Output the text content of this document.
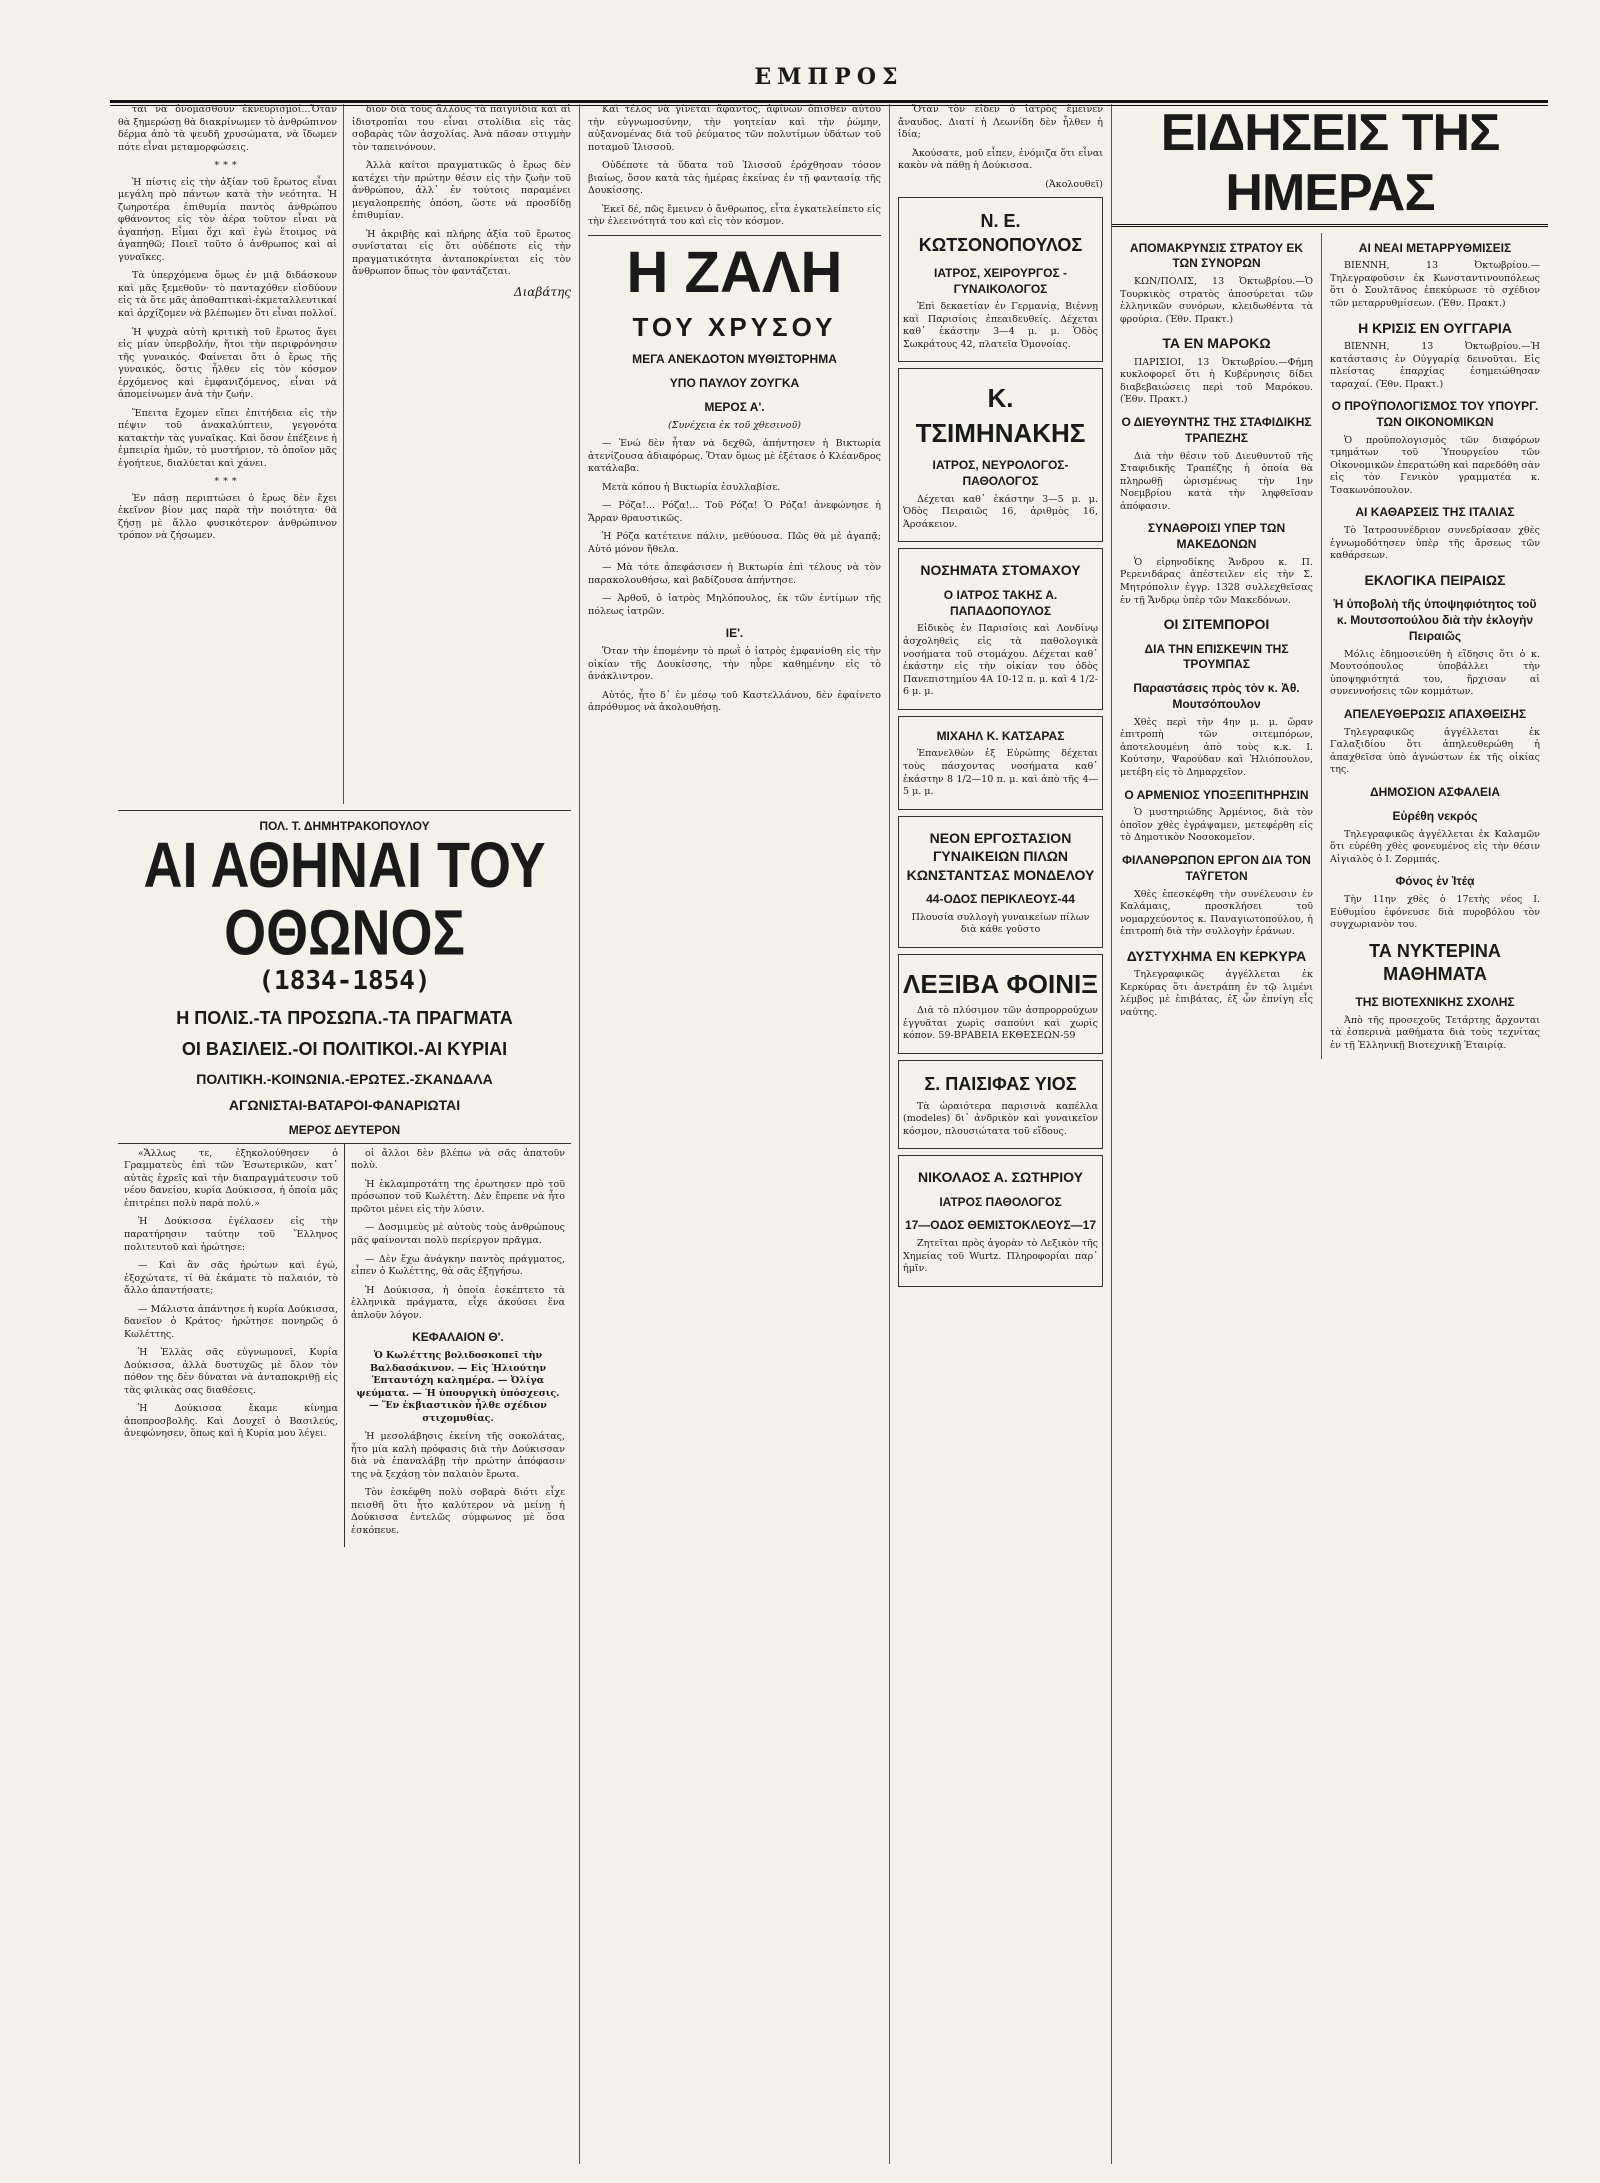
ΕΜΠΡΟΣ

ται νὰ ὀνομασθοῦν ἐκνευρισμοί...Ὅταν θὰ ξημερώσῃ θὰ διακρίνωμεν τὸ ἀνθρώπινον δέρμα ἀπὸ τὰ ψευδῆ χρυσώματα, νὰ ἴδωμεν πότε εἶναι μεταμορφώσεις.

***

Ἡ πίστις εἰς τὴν ἀξίαν τοῦ ἔρωτος εἶναι μεγάλη πρὸ πάντων κατὰ τὴν νεότητα. Ἡ ζωηροτέρα ἐπιθυμία παντὸς ἀνθρώπου φθάνοντος εἰς τὸν ἀέρα τοῦτον εἶναι νὰ ἀγαπήσῃ. Εἶμαι ὄχι καὶ ἐγὼ ἕτοιμος νὰ ἀγαπηθῶ; Ποιεῖ τοῦτο ὁ ἀνθρωπος καὶ αἱ γυναῖκες.

Τὰ ὑπερχόμενα ὅμως ἐν μιᾷ διδάσκουν καὶ μᾶς ξεμεθοῦν· τὸ πανταχόθεν εἰσδύουν εἰς τὰ ὅτε μᾶς ἀποθαπτικαὶ-ἐκμεταλλευτικαί καὶ ἀρχίζομεν νὰ βλέπωμεν ὅτι εἶναι πολλοί.

Ἡ ψυχρὰ αὐτὴ κριτικὴ τοῦ ἔρωτος ἄγει εἰς μίαν ὑπερβολήν, ἤτοι τὴν περιφρόνησιν τῆς γυναικός. Φαίνεται ὅτι ὁ ἔρως τῆς γυναικός, ὅστις ἦλθεν εἰς τὸν κόσμον ἐρχόμενος καὶ ἐμφανιζόμενος, εἶναι νὰ ἀπομείνωμεν ἀνὰ τὴν ζωήν.

Ἔπειτα ἔχομεν εἴπει ἐπιτήδεια εἰς τὴν πέψιν τοῦ ἀνακαλύπτειν, γεγονότα κατακτὴν τὰς γυναῖκας. Καὶ ὅσον ἐπέξεινε ἡ ἐμπειρία ἡμῶν, τὸ μυστήριον, τὸ ὁποῖον μᾶς ἐγοήτευε, διαλύεται καὶ χάνει.

***

Ἐν πάσῃ περιπτώσει ὁ ἔρως δὲν ἔχει ἐκεῖνον βίον μας παρὰ τὴν ποιότητα· θὰ ζήσῃ μὲ ἄλλο φυσικότερον ἀνθρώπινον τρόπον νὰ ζήσωμεν.

διον διὰ τοὺς ἄλλους τὰ παιγνίδια καὶ αἱ ἰδιοτροπίαι του εἶναι στολίδια εἰς τὰς σοβαρὰς τῶν ἀσχολίας. Ἀνὰ πᾶσαν στιγμὴν τὸν ταπεινόνουν.

Ἀλλὰ καίτοι πραγματικῶς ὁ ἔρως δὲν κατέχει τὴν πρώτην θέσιν εἰς τὴν ζωὴν τοῦ ἀνθρώπου, ἀλλ᾿ ἐν τούτοις παραμένει μεγαλοπρεπὴς ὁπόση, ὥστε νὰ προσδίδῃ ἐπιθυμίαν.

Ἡ ἀκριβὴς καὶ πλήρης ἀξία τοῦ ἔρωτος συνίσταται εἰς ὅτι οὐδέποτε εἰς τὴν πραγματικότητα ἀνταποκρίνεται εἰς τὸν ἄνθρωπον ὅπως τὸν φαντάζεται.

Διαβάτης

ΠΟΛ. Τ. ΔΗΜΗΤΡΑΚΟΠΟΥΛΟΥ
ΑΙ ΑΘΗΝΑΙ ΤΟΥ ΟΘΩΝΟΣ
(1834-1854)
Η ΠΟΛΙΣ.-ΤΑ ΠΡΟΣΩΠΑ.-ΤΑ ΠΡΑΓΜΑΤΑ
ΟΙ ΒΑΣΙΛΕΙΣ.-ΟΙ ΠΟΛΙΤΙΚΟΙ.-ΑΙ ΚΥΡΙΑΙ
ΠΟΛΙΤΙΚΗ.-ΚΟΙΝΩΝΙΑ.-ΕΡΩΤΕΣ.-ΣΚΑΝΔΑΛΑ
ΑΓΩΝΙΣΤΑΙ-ΒΑΤΑΡΟΙ-ΦΑΝΑΡΙΩΤΑΙ
ΜΕΡΟΣ ΔΕΥΤΕΡΟΝ

«Ἄλλως τε, ἐξηκολούθησεν ὁ Γραμματεὺς ἐπὶ τῶν Ἐσωτερικῶν, κατ᾿ αὐτὰς ἐχρεῖς καὶ τὴν διαπραγμάτευσιν τοῦ νέου δανείου, κυρία Δούκισσα, ἡ ὁποία μᾶς ἐπιτρέπει πολὺ παρὰ πολύ.»

Ἡ Δούκισσα ἐγέλασεν εἰς τὴν παρατήρησιν ταύτην τοῦ Ἕλληνος πολιτευτοῦ καὶ ἠρώτησε:

— Καὶ ἂν σᾶς ἠρώτων καὶ ἐγώ, ἐξοχώτατε, τί θὰ ἐκάματε τὸ παλαιόν, τὸ ἄλλο ἀπαντήσατε;

— Μάλιστα ἀπάντησε ἡ κυρία Δούκισσα, δανεῖον ὁ Κράτος· ἠρώτησε πονηρῶς ὁ Κωλέττης.

Ἡ Ἑλλὰς σᾶς εὐγνωμονεῖ, Κυρία Δούκισσα, ἀλλὰ δυστυχῶς μὲ ὅλον τὸν πόθον της δὲν δύναται νὰ ἀνταποκριθῇ εἰς τὰς φιλικὰς σας διαθέσεις.

Ἡ Δούκισσα ἔκαμε κίνημα ἀποπροσβολῆς. Καὶ Δουχεῖ ὁ Βασιλεύς, ἀνεφώνησεν, ὅπως καὶ ἡ Κυρία μου λέγει.

οἱ ἄλλοι δὲν βλέπω νὰ σᾶς ἀπατοῦν πολὺ.

Ἡ ἐκλαμπροτάτη της ἐρωτησεν πρὸ τοῦ πρόσωπον τοῦ Κωλέττη. Δὲν ἔπρεπε νὰ ἦτο πρῶτοι μένει εἰς τὴν λύσιν.

— Δοσμιμεὺς μὲ αὐτοὺς τοὺς ἀνθρώπους μᾶς φαίνονται πολὺ περίεργον πρᾶγμα.

— Δὲν ἔχω ἀνάγκην παντὸς πράγματος, εἶπεν ὁ Κωλέττης, θὰ σᾶς ἐξηγήσω.

Ἡ Δούκισσα, ἡ ὁποία ἐσκέπτετο τὰ ἑλληνικὰ πράγματα, εἶχε ἀκούσει ἕνα ἀπλοῦν λόγον.

ΚΕΦΑΛΑΙΟΝ Θ'.

Ὁ Κωλέττης βολιδοσκοπεῖ τὴν Βαλδασάκινον. — Εἰς Ἠλιούτην Ἑπταυτόχη καλημέρα. — Ὀλίγα ψεύματα. — Ἡ ὑπουργικὴ ὑπόσχεσις. — Ἕν ἐκβιαστικὸν ἦλθε σχέδιον στιχομυθίας.

Ἡ μεσολάβησις ἐκείνη τῆς σοκολάτας, ἦτο μία καλὴ πρόφασις διὰ τὴν Δούκισσαν διὰ νὰ ἐπαναλάβῃ τὴν πρώτην ἀπόφασιν της νὰ ξεχάσῃ τὸν παλαιὸν ἔρωτα.

Τὸν ἐσκέφθη πολὺ σοβαρὰ διότι εἶχε πεισθῆ ὅτι ἦτο καλύτερον νὰ μείνῃ ἡ Δούκισσα ἐντελῶς σύμφωνος μὲ ὅσα ἐσκόπευε.

Καὶ τέλος νὰ γίνεται ἄφαντος, ἀφίνων ὄπισθεν αὐτοῦ τὴν εὐγνωμοσύνην, τὴν γοητείαν καὶ τὴν ῥώμην, αὐξανομένας διὰ τοῦ ῥεύματος τῶν πολυτίμων ὑδάτων τοῦ ποταμοῦ Ἰλισσοῦ.

Οὐδέποτε τὰ ὕδατα τοῦ Ἰλισσοῦ ἐρόχθησαν τόσον βιαίως, ὅσον κατὰ τὰς ἡμέρας ἐκείνας ἐν τῇ φαντασίᾳ τῆς Δουκίσσης.

Ἐκεῖ δέ, πῶς ἔμεινεν ὁ ἄνθρωπος, εἶτα ἐγκατελείπετο εἰς τὴν ἐλεεινότητά του καὶ εἰς τὸν κόσμον.

Η ΖΑΛΗ
ΤΟΥ ΧΡΥΣΟΥ
ΜΕΓΑ ΑΝΕΚΔΟΤΟΝ ΜΥΘΙΣΤΟΡΗΜΑ
ΥΠΟ ΠΑΥΛΟΥ ΖΟΥΓΚΑ
ΜΕΡΟΣ Α'.

(Συνέχεια ἐκ τοῦ χθεσινοῦ)

— Ἐνώ δὲν ἦταν νὰ δεχθῶ, ἀπήντησεν ἡ Βικτωρία ἀτενίζουσα ἀδιαφόρως. Ὅταν ὅμως μὲ ἐξέτασε ὁ Κλέανδρος κατάλαβα.

Μετὰ κόπου ἡ Βικτωρία ἐσυλλαβίσε.

— Ρόζα!... Ρόζα!... Τοῦ Ρόζα! Ὁ Ρόζα! ἀνεφώνησε ἡ Ἄρραν θραυστικῶς.

Ἡ Ρόζα κατέτεινε πάλιν, μεθύουσα. Πῶς θὰ μὲ ἀγαπᾷ; Αὐτό μόνον ἤθελα.

— Μὰ τότε ἀπεφάσισεν ἡ Βικτωρία ἐπὶ τέλους νὰ τὸν παρακολουθήσω, καὶ βαδίζουσα ἀπήντησε.

— Ἀρθοῦ, ὁ ἰατρὸς Μηλόπουλος, ἐκ τῶν ἐντίμων τῆς πόλεως ἰατρῶν.

ΙΕ'.

Ὅταν τὴν ἑπομένην τὸ πρωῒ ὁ ἰατρὸς ἐμφανίσθη εἰς τὴν οἰκίαν τῆς Δουκίσσης, τὴν ηὗρε καθημένην εἰς τὸ ἀνάκλιντρον.

Αὐτός, ἦτο δ᾿ ἐν μέσῳ τοῦ Καστελλάνου, δὲν ἐφαίνετο ἀπρόθυμος νὰ ἀκολουθήσῃ.

Ὅταν τὸν εἶδεν ὁ ἰατρὸς ἔμεινεν ἄναυδος. Διατί ἡ Λεωνίδη δὲν ἦλθεν ἡ ἰδία;

Ἀκούσατε, μοῦ εἶπεν, ἐνόμιζα ὅτι εἶναι κακὸν νὰ πάθῃ ἡ Δούκισσα.

(Ἀκολουθεῖ)

Ν. Ε. ΚΩΤΣΟΝΟΠΟΥΛΟΣ
ΙΑΤΡΟΣ, ΧΕΙΡΟΥΡΓΟΣ - ΓΥΝΑΙΚΟΛΟΓΟΣ

Ἐπὶ δεκαετίαν ἐν Γερμανίᾳ, Βιέννῃ καὶ Παρισίοις ἐπεαιδευθείς. Δέχεται καθ᾿ ἑκάστην 3—4 μ. μ. Ὁδὸς Σωκράτους 42, πλατεῖα Ὁμονοίας.

Κ. ΤΣΙΜΗΝΑΚΗΣ
ΙΑΤΡΟΣ, ΝΕΥΡΟΛΟΓΟΣ-ΠΑΘΟΛΟΓΟΣ

Δέχεται καθ᾿ ἑκάστην 3—5 μ. μ. Ὁδὸς Πειραιῶς 16, ἀριθμὸς 16, Ἀρσάκειον.

ΝΟΣΗΜΑΤΑ ΣΤΟΜΑΧΟΥ
Ο ΙΑΤΡΟΣ ΤΑΚΗΣ Α. ΠΑΠΑΔΟΠΟΥΛΟΣ

Εἰδικὸς ἐν Παρισίοις καὶ Λονδίνῳ ἀσχοληθεὶς εἰς τὰ παθολογικὰ νοσήματα τοῦ στομάχου. Δέχεται καθ᾿ ἑκάστην εἰς τὴν οἰκίαν του ὁδὸς Πανεπιστημίου 4Α 10-12 π. μ. καὶ 4 1/2-6 μ. μ.

ΜΙΧΑΗΛ Κ. ΚΑΤΣΑΡΑΣ

Ἐπανελθὼν ἐξ Εὐρώπης δέχεται τοὺς πάσχοντας νοσήματα καθ᾿ ἑκάστην 8 1/2—10 π. μ. καὶ ἀπὸ τῆς 4—5 μ. μ.

ΝΕΟΝ ΕΡΓΟΣΤΑΣΙΟΝ ΓΥΝΑΙΚΕΙΩΝ ΠΙΛΩΝ ΚΩΝΣΤΑΝΤΣΑΣ ΜΟΝΔΕΛΟΥ
44-ΟΔΟΣ ΠΕΡΙΚΛΕΟΥΣ-44

Πλουσία συλλογὴ γυναικείων πίλων διὰ κάθε γοῦστο

ΛΕΞΙΒΑ ΦΟΙΝΙΞ

Διὰ τὸ πλύσιμον τῶν ἀσπρορρούχων ἐγγυᾶται χωρὶς σαπούνι καὶ χωρὶς κόπον. 59-ΒΡΑΒΕΙΑ ΕΚΘΕΣΕΩΝ-59

Σ. ΠΑΙΣΙΦΑΣ ΥΙΟΣ

Τὰ ὡραιότερα παρισινὰ καπέλλα (modeles) δι᾿ ἀνδρικὸν καὶ γυναικεῖον κόσμον, πλουσιώτατα τοῦ εἴδους.

ΝΙΚΟΛΑΟΣ Α. ΣΩΤΗΡΙΟΥ
ΙΑΤΡΟΣ ΠΑΘΟΛΟΓΟΣ
17—ΟΔΟΣ ΘΕΜΙΣΤΟΚΛΕΟΥΣ—17

Ζητεῖται πρὸς ἀγορὰν τὸ Λεξικὸν τῆς Χημείας τοῦ Wurtz. Πληροφορίαι παρ᾿ ἡμῖν.

ΕΙΔΗΣΕΙΣ ΤΗΣ ΗΜΕΡΑΣ
ΑΠΟΜΑΚΡΥΝΣΙΣ ΣΤΡΑΤΟΥ ΕΚ ΤΩΝ ΣΥΝΟΡΩΝ

ΚΩΝ/ΠΟΛΙΣ, 13 Ὀκτωβρίου.—Ὁ Τουρκικὸς στρατὸς ἀποσύρεται τῶν ἑλληνικῶν συνόρων, κλειδωθέντα τὰ φρούρια. (Ἐθν. Πρακτ.)

ΤΑ ΕΝ ΜΑΡΟΚΩ

ΠΑΡΙΣΙΟΙ, 13 Ὀκτωβρίου.—Φήμη κυκλοφορεῖ ὅτι ἡ Κυβέρνησις δίδει διαβεβαιώσεις περὶ τοῦ Μαρόκου. (Ἐθν. Πρακτ.)

Ο ΔΙΕΥΘΥΝΤΗΣ ΤΗΣ ΣΤΑΦΙΔΙΚΗΣ ΤΡΑΠΕΖΗΣ

Διὰ τὴν θέσιν τοῦ Διευθυντοῦ τῆς Σταφιδικῆς Τραπέζης ἡ ὁποία θὰ πληρωθῇ ὡρισμένως τὴν 1ην Νοεμβρίου κατὰ τὴν ληφθεῖσαν ἀπόφασιν.

ΣΥΝΑΘΡΟΙΣΙ ΥΠΕΡ ΤΩΝ ΜΑΚΕΔΟΝΩΝ

Ὁ εἰρηνοδίκης Ἄνδρου κ. Π. Ρερενιδάρας ἀπέστειλεν εἰς τὴν Σ. Μητρόπολιν ἐγγρ. 1328 συλλεχθεῖσας ἐν τῇ Ἄνδρῳ ὑπὲρ τῶν Μακεδόνων.

ΟΙ ΣΙΤΕΜΠΟΡΟΙ
ΔΙΑ ΤΗΝ ΕΠΙΣΚΕΨΙΝ ΤΗΣ ΤΡΟΥΜΠΑΣ
Παραστάσεις πρὸς τὸν κ. Ἀθ. Μουτσόπουλον

Χθὲς περὶ τὴν 4ην μ. μ. ὥραν ἐπιτροπὴ τῶν σιτεμπόρων, ἀποτελουμένη ἀπὸ τοὺς κ.κ. Ι. Κούτσην, Ψαρούδαν καὶ Ἠλιόπουλον, μετέβη εἰς τὸ Δημαρχεῖον.

Ο ΑΡΜΕΝΙΟΣ ΥΠΟΞΕΠΙΤΗΡΗΣΙΝ

Ὁ μυστηριώδης Ἀρμένιος, διὰ τὸν ὁποῖον χθὲς ἐγράψαμεν, μετεφέρθη εἰς τὸ Δημοτικὸν Νοσοκομεῖον.

ΦΙΛΑΝΘΡΩΠΟΝ ΕΡΓΟΝ ΔΙΑ ΤΟΝ ΤΑΫΓΕΤΟΝ

Χθὲς ἐπεσκέφθη τὴν συνέλευσιν ἐν Καλάμαις, προσκλήσει τοῦ νομαρχεύοντος κ. Παναγιωτοπούλου, ἡ ἐπιτροπὴ διὰ τὴν συλλογὴν ἐράνων.

ΔΥΣΤΥΧΗΜΑ ΕΝ ΚΕΡΚΥΡΑ

Τηλεγραφικῶς ἀγγέλλεται ἐκ Κερκύρας ὅτι ἀνετράπη ἐν τῷ λιμένι λέμβος μὲ ἐπιβάτας, ἐξ ὧν ἐπνίγη εἷς ναύτης.

ΑΙ ΝΕΑΙ ΜΕΤΑΡΡΥΘΜΙΣΕΙΣ

ΒΙΕΝΝΗ, 13 Ὀκτωβρίου.—Τηλεγραφοῦσιν ἐκ Κωνσταντινουπόλεως ὅτι ὁ Σουλτᾶνος ἐπεκύρωσε τὸ σχέδιον τῶν μεταρρυθμίσεων. (Ἐθν. Πρακτ.)

Η ΚΡΙΣΙΣ ΕΝ ΟΥΓΓΑΡΙΑ

ΒΙΕΝΝΗ, 13 Ὀκτωβρίου.—Ἡ κατάστασις ἐν Οὐγγαρίᾳ δεινοῦται. Εἰς πλείστας ἐπαρχίας ἐσημειώθησαν ταραχαί. (Ἐθν. Πρακτ.)

Ο ΠΡΟΫΠΟΛΟΓΙΣΜΟΣ ΤΟΥ ΥΠΟΥΡΓ. ΤΩΝ ΟΙΚΟΝΟΜΙΚΩΝ

Ὁ προϋπολογισμὸς τῶν διαφόρων τμημάτων τοῦ Ὑπουργείου τῶν Οἰκονομικῶν ἐπερατώθη καὶ παρεδόθη σὰν εἰς τὸν Γενικὸν γραμματέα κ. Τσακωνόπουλον.

ΑΙ ΚΑΘΑΡΣΕΙΣ ΤΗΣ ΙΤΑΛΙΑΣ

Τὸ Ἰατροσυνέδριον συνεδρίασαν χθὲς ἐγνωμοδότησεν ὑπὲρ τῆς ἄρσεως τῶν καθάρσεων.

ΕΚΛΟΓΙΚΑ ΠΕΙΡΑΙΩΣ
Ἡ ὑποβολὴ τῆς ὑποψηφιότητος τοῦ κ. Μουτσοπούλου διὰ τὴν ἐκλογὴν Πειραιῶς

Μόλις ἐδημοσιεύθη ἡ εἴδησις ὅτι ὁ κ. Μουτσόπουλος ὑποβάλλει τὴν ὑποψηφιότητά του, ἤρχισαν αἱ συνεννοήσεις τῶν κομμάτων.

ΑΠΕΛΕΥΘΕΡΩΣΙΣ ΑΠΑΧΘΕΙΣΗΣ

Τηλεγραφικῶς ἀγγέλλεται ἐκ Γαλαξιδίου ὅτι ἀπηλευθερώθη ἡ ἀπαχθεῖσα ὑπὸ ἀγνώστων ἐκ τῆς οἰκίας της.

ΔΗΜΟΣΙΟΝ ΑΣΦΑΛΕΙΑ
Εὑρέθη νεκρός

Τηλεγραφικῶς ἀγγέλλεται ἐκ Καλαμῶν ὅτι εὑρέθη χθὲς φονευμένος εἰς τὴν θέσιν Αἰγιαλὸς ὁ Ι. Ζορμπάς.

Φόνος ἐν Ἰτέᾳ

Τὴν 11ην χθὲς ὁ 17ετὴς νέος Ι. Εὐθυμίου ἐφόνευσε διὰ πυροβόλου τὸν συγχωριανὸν του.

ΤΑ ΝΥΚΤΕΡΙΝΑ ΜΑΘΗΜΑΤΑ
ΤΗΣ ΒΙΟΤΕΧΝΙΚΗΣ ΣΧΟΛΗΣ

Ἀπὸ τῆς προσεχοῦς Τετάρτης ἄρχονται τὰ ἑσπερινὰ μαθήματα διὰ τοὺς τεχνίτας ἐν τῇ Ἑλληνικῇ Βιοτεχνικῇ Ἑταιρίᾳ.
